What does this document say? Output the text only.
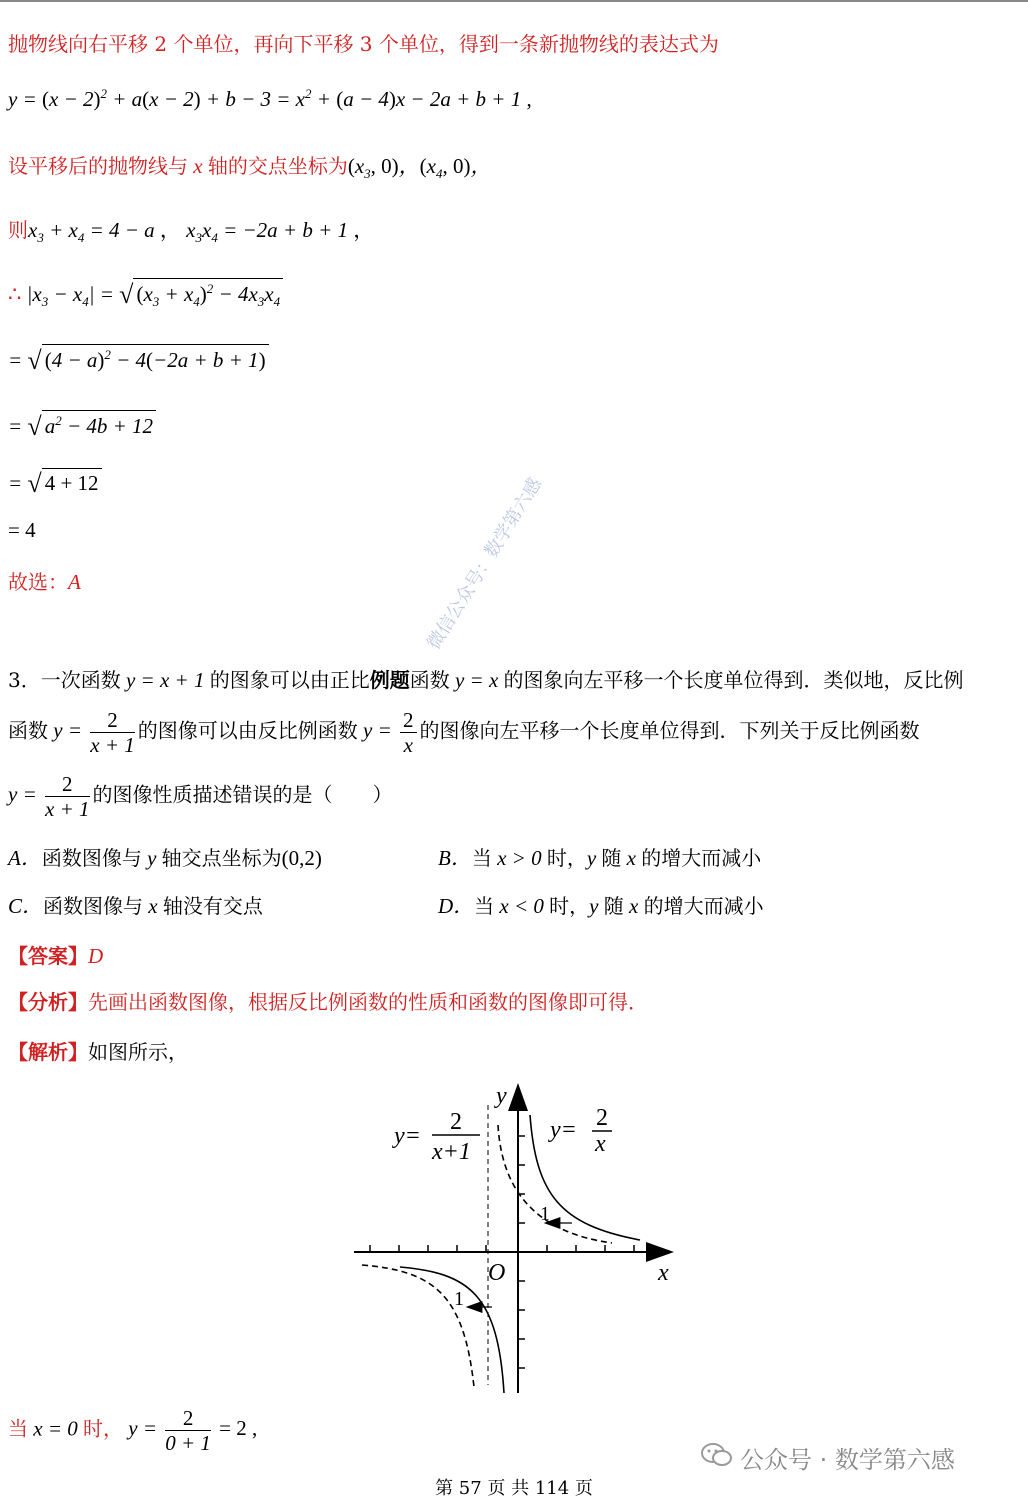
抛物线向右平移 2 个单位，再向下平移 3 个单位，得到一条新抛物线的表达式为
$y = (x - 2)^2 + a(x - 2) + b - 3 = x^2 + (a - 4)x - 2a + b + 1$ ,
设平移后的抛物线与 x 轴的交点坐标为($x_3$, 0)，($x_4$, 0)，
则$x_3 + x_4 = 4 - a$ ， $x_3x_4 = -2a + b + 1$ ，
∴ $|x_3 - x_4|$ = √ $(x_3 + x_4)^2 - 4x_3x_4$
= √ $(4 - a)^2 - 4(-2a + b + 1)$
= √ $a^2 - 4b + 12$
= √ 4 + 12
= 4
故选：A
3．一次函数 y = x + 1 的图象可以由正比例题函数 y = x 的图象向左平移一个长度单位得到．类似地，反比例
函数 $y = \frac{2}{x + 1}$ 的图像可以由反比例函数 $y = \frac{2}{x}$ 的图像向左平移一个长度单位得到．下列关于反比例函数
$y = \frac{2}{x + 1}$ 的图像性质描述错误的是（　　）
A．函数图像与 y 轴交点坐标为(0,2)	B．当 x > 0 时，y 随 x 的增大而减小
C．函数图像与 x 轴没有交点	D．当 x < 0 时，y 随 x 的增大而减小
【答案】D
【分析】先画出函数图像，根据反比例函数的性质和函数的图像即可得．
【解析】如图所示，
1
1
O	x
y
y=
2
x+1
y= 2
x
当 x = 0 时， $y = \frac{2}{0 + 1} = 2$ ,
微信公众号：数学第六感
公众号 · 数学第六感
第 57 页 共 114 页
